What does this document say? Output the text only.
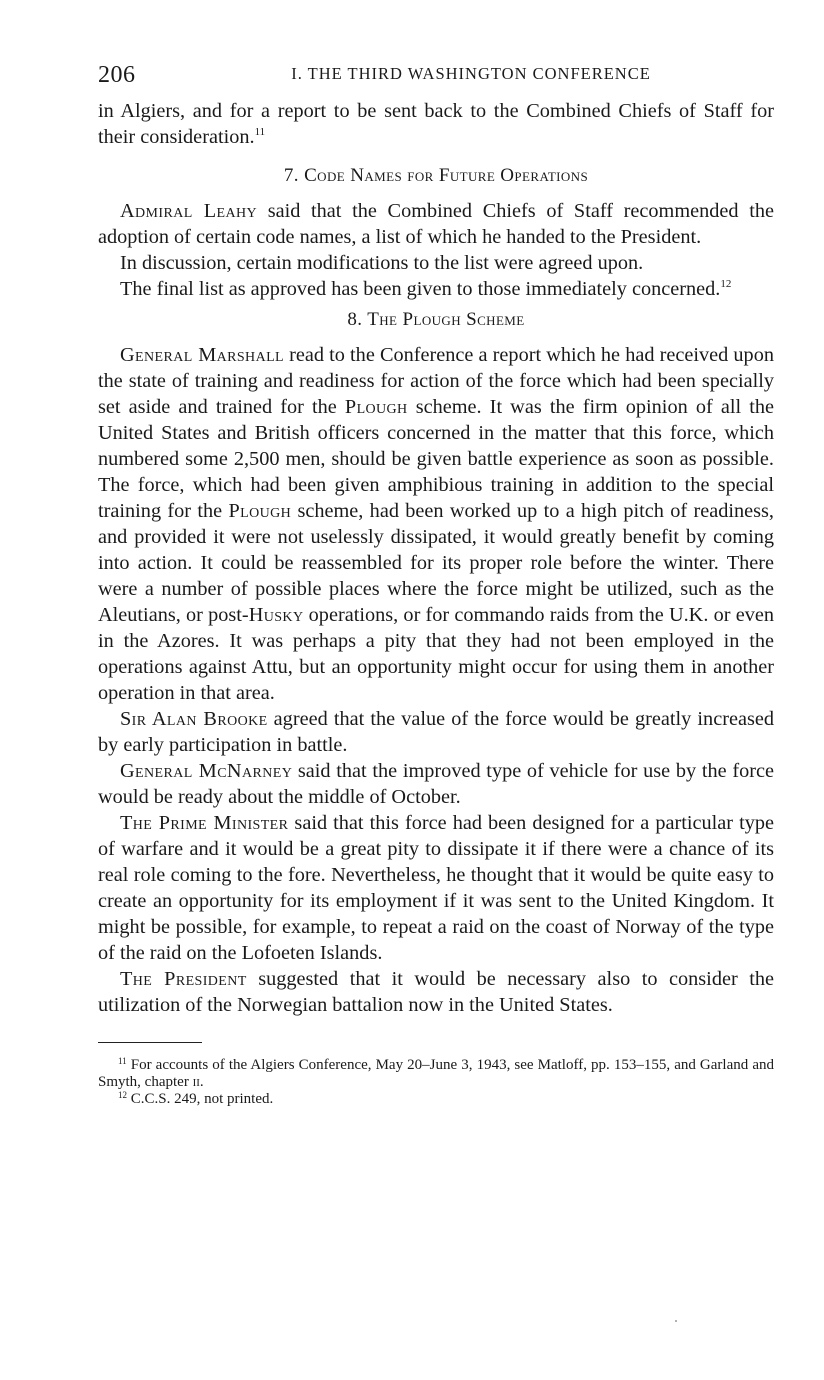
206	I. THE THIRD WASHINGTON CONFERENCE

in Algiers, and for a report to be sent back to the Combined Chiefs of Staff for their consideration.$^{11}$

7. Code Names for Future Operations

Admiral Leahy said that the Combined Chiefs of Staff recommended the adoption of certain code names, a list of which he handed to the President.

In discussion, certain modifications to the list were agreed upon.

The final list as approved has been given to those immediately concerned.$^{12}$

8. The Plough Scheme

General Marshall read to the Conference a report which he had received upon the state of training and readiness for action of the force which had been specially set aside and trained for the Plough scheme. It was the firm opinion of all the United States and British officers concerned in the matter that this force, which numbered some 2,500 men, should be given battle experience as soon as possible. The force, which had been given amphibious training in addition to the special training for the Plough scheme, had been worked up to a high pitch of readiness, and provided it were not uselessly dissipated, it would greatly benefit by coming into action. It could be reassembled for its proper role before the winter. There were a number of possible places where the force might be utilized, such as the Aleutians, or post-Husky operations, or for commando raids from the U.K. or even in the Azores. It was perhaps a pity that they had not been employed in the operations against Attu, but an opportunity might occur for using them in another operation in that area.

Sir Alan Brooke agreed that the value of the force would be greatly increased by early participation in battle.

General McNarney said that the improved type of vehicle for use by the force would be ready about the middle of October.

The Prime Minister said that this force had been designed for a particular type of warfare and it would be a great pity to dissipate it if there were a chance of its real role coming to the fore. Nevertheless, he thought that it would be quite easy to create an opportunity for its employment if it was sent to the United Kingdom. It might be possible, for example, to repeat a raid on the coast of Norway of the type of the raid on the Lofoeten Islands.

The President suggested that it would be necessary also to consider the utilization of the Norwegian battalion now in the United States.

$^{11}$ For accounts of the Algiers Conference, May 20–June 3, 1943, see Matloff, pp. 153–155, and Garland and Smyth, chapter ii.

$^{12}$ C.C.S. 249, not printed.
